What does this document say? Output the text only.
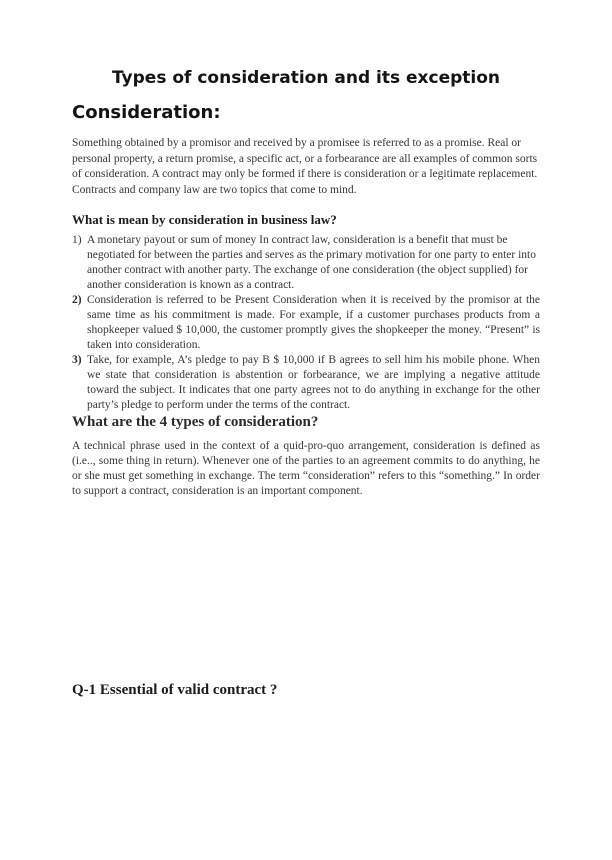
Types of consideration and its exception
Consideration:
Something obtained by a promisor and received by a promisee is referred to as a promise. Real or personal property, a return promise, a specific act, or a forbearance are all examples of common sorts of consideration. A contract may only be formed if there is consideration or a legitimate replacement. Contracts and company law are two topics that come to mind.
What is mean by consideration in business law?
1) A monetary payout or sum of money In contract law, consideration is a benefit that must be negotiated for between the parties and serves as the primary motivation for one party to enter into another contract with another party. The exchange of one consideration (the object supplied) for another consideration is known as a contract.
2) Consideration is referred to be Present Consideration when it is received by the promisor at the same time as his commitment is made. For example, if a customer purchases products from a shopkeeper valued $ 10,000, the customer promptly gives the shopkeeper the money. “Present” is taken into consideration.
3) Take, for example, A’s pledge to pay B $ 10,000 if B agrees to sell him his mobile phone. When we state that consideration is abstention or forbearance, we are implying a negative attitude toward the subject. It indicates that one party agrees not to do anything in exchange for the other party’s pledge to perform under the terms of the contract.
What are the 4 types of consideration?
A technical phrase used in the context of a quid-pro-quo arrangement, consideration is defined as (i.e.., some thing in return). Whenever one of the parties to an agreement commits to do anything, he or she must get something in exchange. The term “consideration” refers to this “something.” In order to support a contract, consideration is an important component.
Q-1 Essential of valid contract ?
